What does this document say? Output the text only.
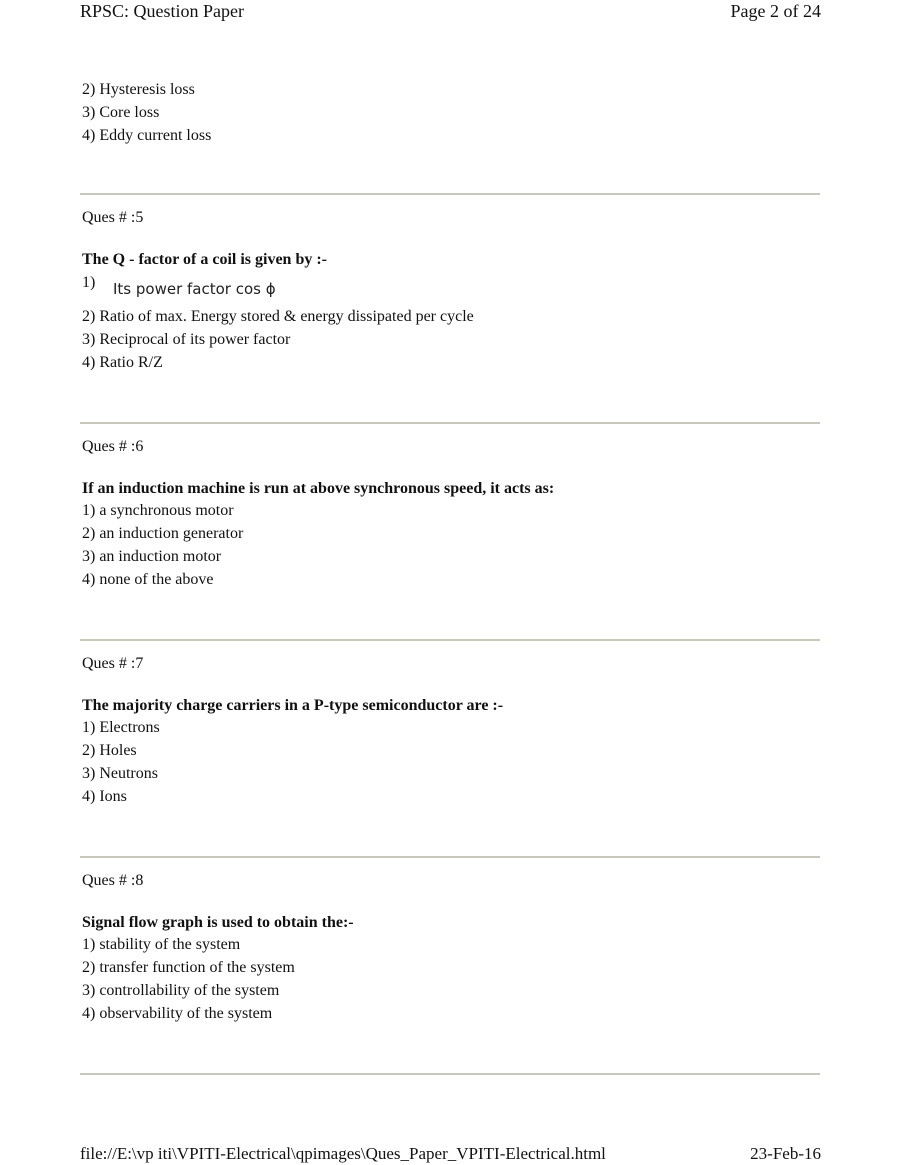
RPSC: Question Paper	Page 2 of 24
2) Hysteresis loss
3) Core loss
4) Eddy current loss
Ques # :5
The Q - factor of a coil is given by :-
1) Its power factor cos ϕ
2) Ratio of max. Energy stored & energy dissipated per cycle
3) Reciprocal of its power factor
4) Ratio R/Z
Ques # :6
If an induction machine is run at above synchronous speed, it acts as:
1) a synchronous motor
2) an induction generator
3) an induction motor
4) none of the above
Ques # :7
The majority charge carriers in a P-type semiconductor are :-
1) Electrons
2) Holes
3) Neutrons
4) Ions
Ques # :8
Signal flow graph is used to obtain the:-
1) stability of the system
2) transfer function of the system
3) controllability of the system
4) observability of the system
file://E:\vp iti\VPITI-Electrical\qpimages\Ques_Paper_VPITI-Electrical.html	23-Feb-16
